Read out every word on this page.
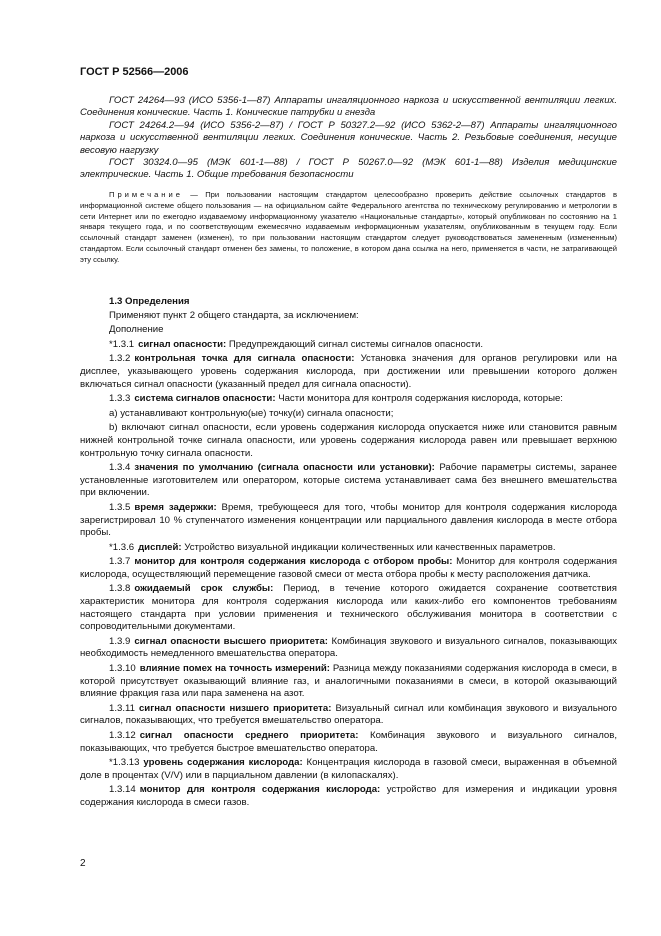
ГОСТ Р 52566—2006

ГОСТ 24264—93 (ИСО 5356-1—87) Аппараты ингаляционного наркоза и искусственной вентиляции легких. Соединения конические. Часть 1. Конические патрубки и гнезда

ГОСТ 24264.2—94 (ИСО 5356-2—87) / ГОСТ Р 50327.2—92 (ИСО 5362-2—87) Аппараты ингаляционного наркоза и искусственной вентиляции легких. Соединения конические. Часть 2. Резьбовые соединения, несущие весовую нагрузку

ГОСТ 30324.0—95 (МЭК 601-1—88) / ГОСТ Р 50267.0—92 (МЭК 601-1—88) Изделия медицинские электрические. Часть 1. Общие требования безопасности

Примечание — При пользовании настоящим стандартом целесообразно проверить действие ссылочных стандартов в информационной системе общего пользования — на официальном сайте Федерального агентства по техническому регулированию и метрологии в сети Интернет или по ежегодно издаваемому информационному указателю «Национальные стандарты», который опубликован по состоянию на 1 января текущего года, и по соответствующим ежемесячно издаваемым информационным указателям, опубликованным в текущем году. Если ссылочный стандарт заменен (изменен), то при пользовании настоящим стандартом следует руководствоваться замененным (измененным) стандартом. Если ссылочный стандарт отменен без замены, то положение, в котором дана ссылка на него, применяется в части, не затрагивающей эту ссылку.

1.3 Определения

Применяют пункт 2 общего стандарта, за исключением:

Дополнение

*1.3.1 сигнал опасности: Предупреждающий сигнал системы сигналов опасности.

1.3.2 контрольная точка для сигнала опасности: Установка значения для органов регулировки или на дисплее, указывающего уровень содержания кислорода, при достижении или превышении которого должен включаться сигнал опасности (указанный предел для сигнала опасности).

1.3.3 система сигналов опасности: Части монитора для контроля содержания кислорода, которые:

а) устанавливают контрольную(ые) точку(и) сигнала опасности;

b) включают сигнал опасности, если уровень содержания кислорода опускается ниже или становится равным нижней контрольной точке сигнала опасности, или уровень содержания кислорода равен или превышает верхнюю контрольную точку сигнала опасности.

1.3.4 значения по умолчанию (сигнала опасности или установки): Рабочие параметры системы, заранее установленные изготовителем или оператором, которые система устанавливает сама без внешнего вмешательства при включении.

1.3.5 время задержки: Время, требующееся для того, чтобы монитор для контроля содержания кислорода зарегистрировал 10 % ступенчатого изменения концентрации или парциального давления кислорода в месте отбора пробы.

*1.3.6 дисплей: Устройство визуальной индикации количественных или качественных параметров.

1.3.7 монитор для контроля содержания кислорода с отбором пробы: Монитор для контроля содержания кислорода, осуществляющий перемещение газовой смеси от места отбора пробы к месту расположения датчика.

1.3.8 ожидаемый срок службы: Период, в течение которого ожидается сохранение соответствия характеристик монитора для контроля содержания кислорода или каких-либо его компонентов требованиям настоящего стандарта при условии применения и технического обслуживания монитора в соответствии с сопроводительными документами.

1.3.9 сигнал опасности высшего приоритета: Комбинация звукового и визуального сигналов, показывающих необходимость немедленного вмешательства оператора.

1.3.10 влияние помех на точность измерений: Разница между показаниями содержания кислорода в смеси, в которой присутствует оказывающий влияние газ, и аналогичными показаниями в смеси, в которой оказывающий влияние фракция газа или пара заменена на азот.

1.3.11 сигнал опасности низшего приоритета: Визуальный сигнал или комбинация звукового и визуального сигналов, показывающих, что требуется вмешательство оператора.

1.3.12 сигнал опасности среднего приоритета: Комбинация звукового и визуального сигналов, показывающих, что требуется быстрое вмешательство оператора.

*1.3.13 уровень содержания кислорода: Концентрация кислорода в газовой смеси, выраженная в объемной доле в процентах (V/V) или в парциальном давлении (в килопаскалях).

1.3.14 монитор для контроля содержания кислорода: устройство для измерения и индикации уровня содержания кислорода в смеси газов.

2
